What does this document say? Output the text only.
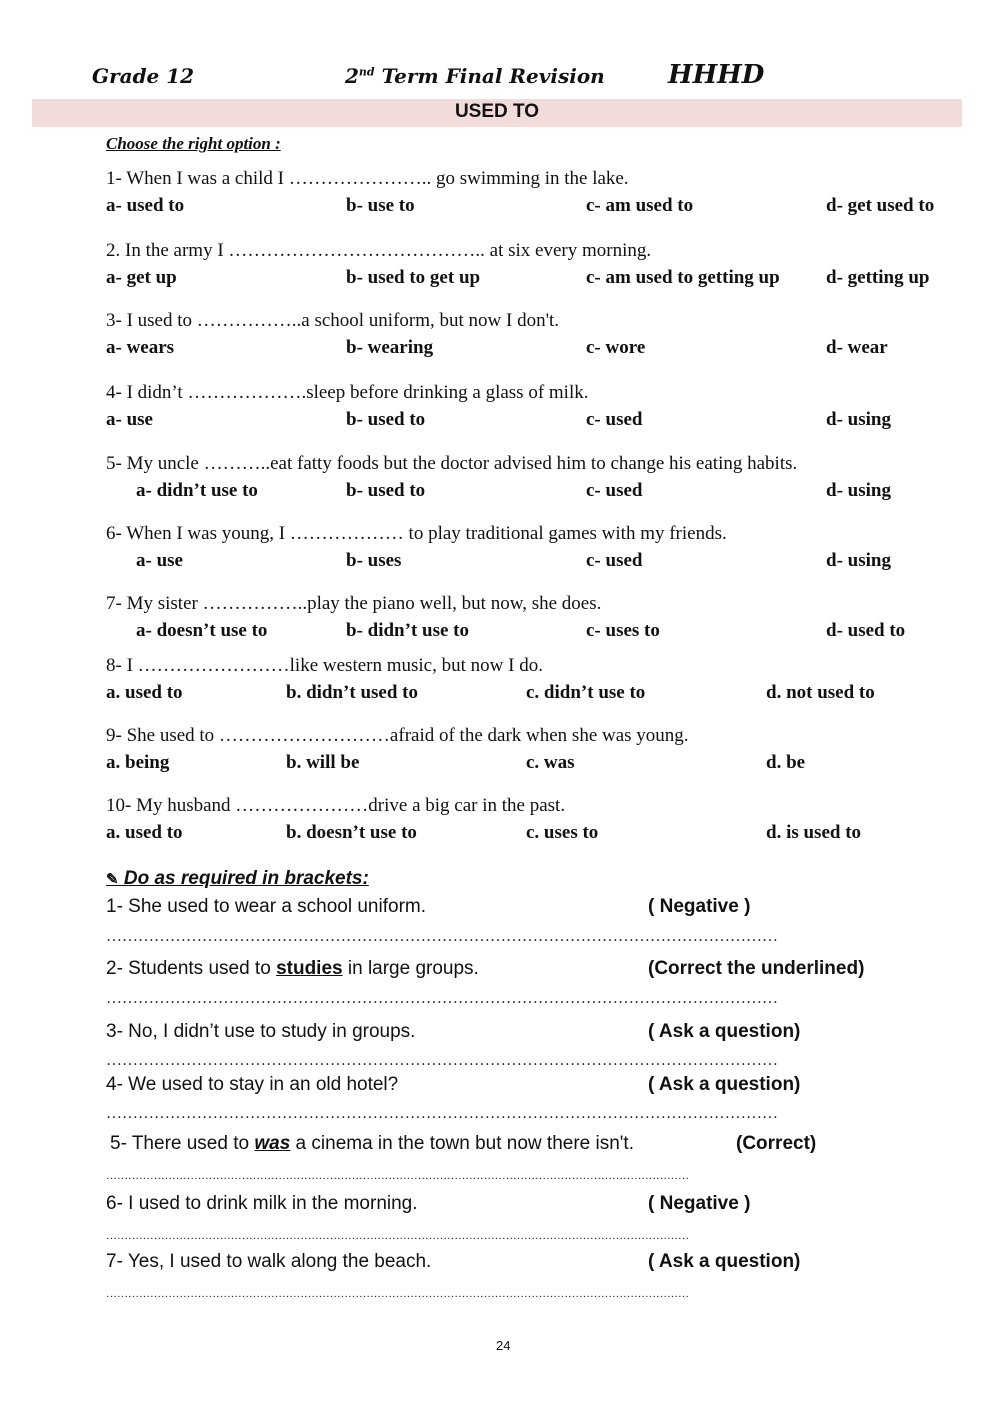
Grade 12	2nd Term Final Revision HHHD
USED TO
Choose the right option :
1- When I was a child I ………………….. go swimming in the lake.
a- used to	b- use to	c- am used to	d- get used to
2. In the army I ………………………………….. at six every morning.
a- get up	b- used to get up	c- am used to getting up d- getting up
3- I used to ……………..a school uniform, but now I don't.
a- wears	b- wearing	c- wore	d- wear
4- I didn’t ……………….sleep before drinking a glass of milk.
a- use	b- used to	c- used	d- using
5- My uncle ………..eat fatty foods but the doctor advised him to change his eating habits.
a- didn’t use to	b- used to	c- used	d- using
6- When I was young, I ……………… to play traditional games with my friends.
a- use	b- uses	c- used	d- using
7- My sister ……………..play the piano well, but now, she does.
a- doesn’t use to	b- didn’t use to	c- uses to	d- used to
8- I ……………………like western music, but now I do.
a. used to	b. didn’t used to	c. didn’t use to	d. not used to
9- She used to ………………………afraid of the dark when she was young.
a. being	b. will be	c. was	d. be
10- My husband …………………drive a big car in the past.
a. used to	b. doesn’t use to	c. uses to	d. is used to
✎ Do as required in brackets:
1- She used to wear a school uniform.	( Negative )
………………………………………………………………………………………………………………
2- Students used to studies in large groups.	(Correct the underlined)
………………………………………………………………………………………………………………
3- No, I didn’t use to study in groups.	( Ask a question)
………………………………………………………………………………………………………………
4- We used to stay in an old hotel?	( Ask a question)
………………………………………………………………………………………………………………
5- There used to was a cinema in the town but now there isn't.	(Correct)
……………………………………………………………………………………………………………………………………………
6- I used to drink milk in the morning.	( Negative )
……………………………………………………………………………………………………………………………………………
7- Yes, I used to walk along the beach.	( Ask a question)
……………………………………………………………………………………………………………………………………………
24
